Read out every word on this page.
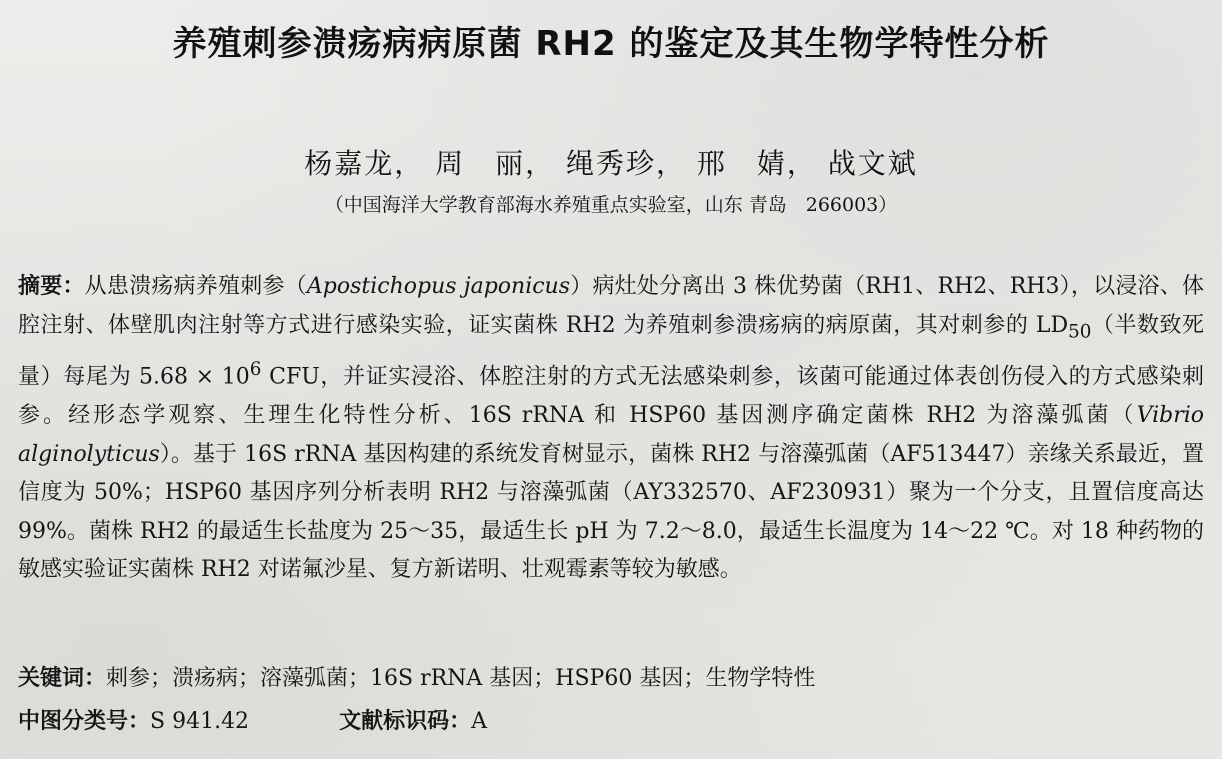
养殖刺参溃疡病病原菌 RH2 的鉴定及其生物学特性分析
杨嘉龙， 周　丽， 绳秀珍， 邢　婧， 战文斌
（中国海洋大学教育部海水养殖重点实验室，山东 青岛　266003）
摘要：从患溃疡病养殖刺参（Apostichopus japonicus）病灶处分离出 3 株优势菌（RH1、RH2、RH3），以浸浴、体腔注射、体壁肌肉注射等方式进行感染实验，证实菌株 RH2 为养殖刺参溃疡病的病原菌，其对刺参的 $LD_{50}$（半数致死量）每尾为 $5.68 \times 10^6$ CFU，并证实浸浴、体腔注射的方式无法感染刺参，该菌可能通过体表创伤侵入的方式感染刺参。经形态学观察、生理生化特性分析、16S rRNA 和 HSP60 基因测序确定菌株 RH2 为溶藻弧菌（Vibrio alginolyticus）。基于 16S rRNA 基因构建的系统发育树显示，菌株 RH2 与溶藻弧菌（AF513447）亲缘关系最近，置信度为 50%；HSP60 基因序列分析表明 RH2 与溶藻弧菌（AY332570、AF230931）聚为一个分支，且置信度高达 99%。菌株 RH2 的最适生长盐度为 25～35，最适生长 pH 为 7.2～8.0，最适生长温度为 14～22 ℃。对 18 种药物的敏感实验证实菌株 RH2 对诺氟沙星、复方新诺明、壮观霉素等较为敏感。
关键词：刺参；溃疡病；溶藻弧菌；16S rRNA 基因；HSP60 基因；生物学特性
中图分类号：S 941.42	文献标识码：A
